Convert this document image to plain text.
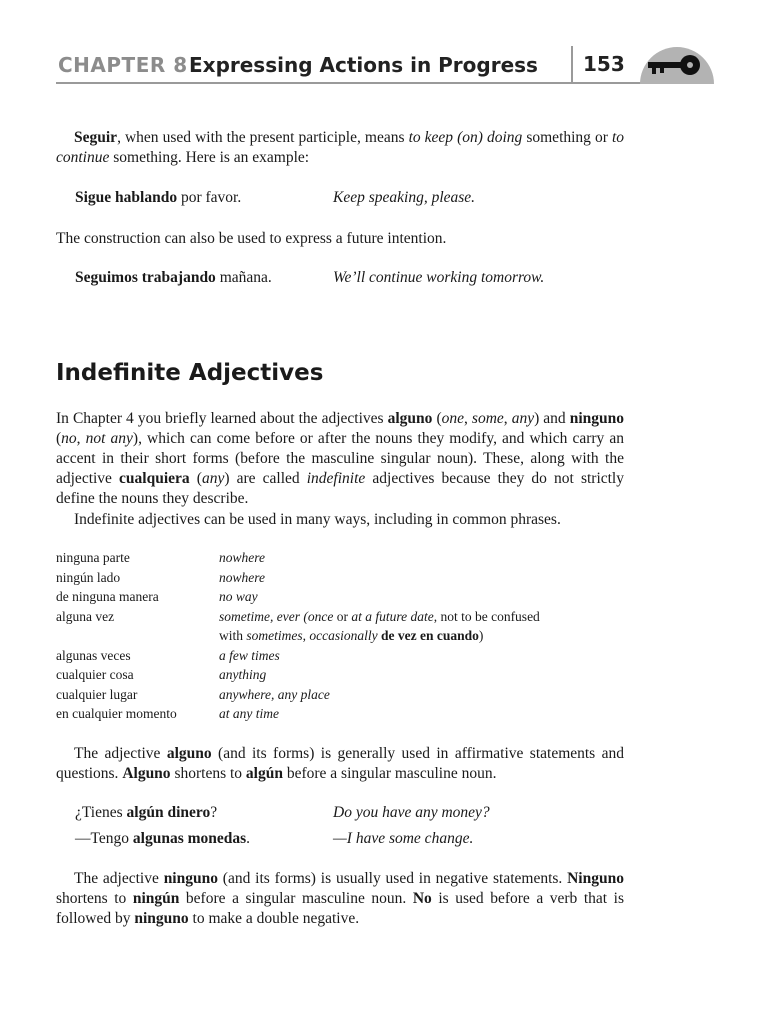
CHAPTER 8 Expressing Actions in Progress 153

Seguir, when used with the present participle, means to keep (on) doing something or to continue something. Here is an example:

Sigue hablando por favor.	Keep speaking, please.

The construction can also be used to express a future intention.

Seguimos trabajando mañana.	We’ll continue working tomorrow.
Indefinite Adjectives

In Chapter 4 you briefly learned about the adjectives alguno (one, some, any) and ninguno (no, not any), which can come before or after the nouns they modify, and which carry an accent in their short forms (before the masculine singular noun). These, along with the adjective cualquiera (any) are called indefinite adjectives because they do not strictly define the nouns they describe.

Indefinite adjectives can be used in many ways, including in common phrases.

ninguna parte	nowhere
ningún lado	nowhere
de ninguna manera	no way
alguna vez	sometime, ever (once or at a future date, not to be confused
with sometimes, occasionally de vez en cuando)
algunas veces	a few times
cualquier cosa	anything
cualquier lugar	anywhere, any place
en cualquier momento	at any time

The adjective alguno (and its forms) is generally used in affirmative statements and questions. Alguno shortens to algún before a singular masculine noun.

¿Tienes algún dinero?	Do you have any money?
—Tengo algunas monedas.	—I have some change.

The adjective ninguno (and its forms) is usually used in negative statements. Ninguno shortens to ningún before a singular masculine noun. No is used before a verb that is followed by ninguno to make a double negative.
